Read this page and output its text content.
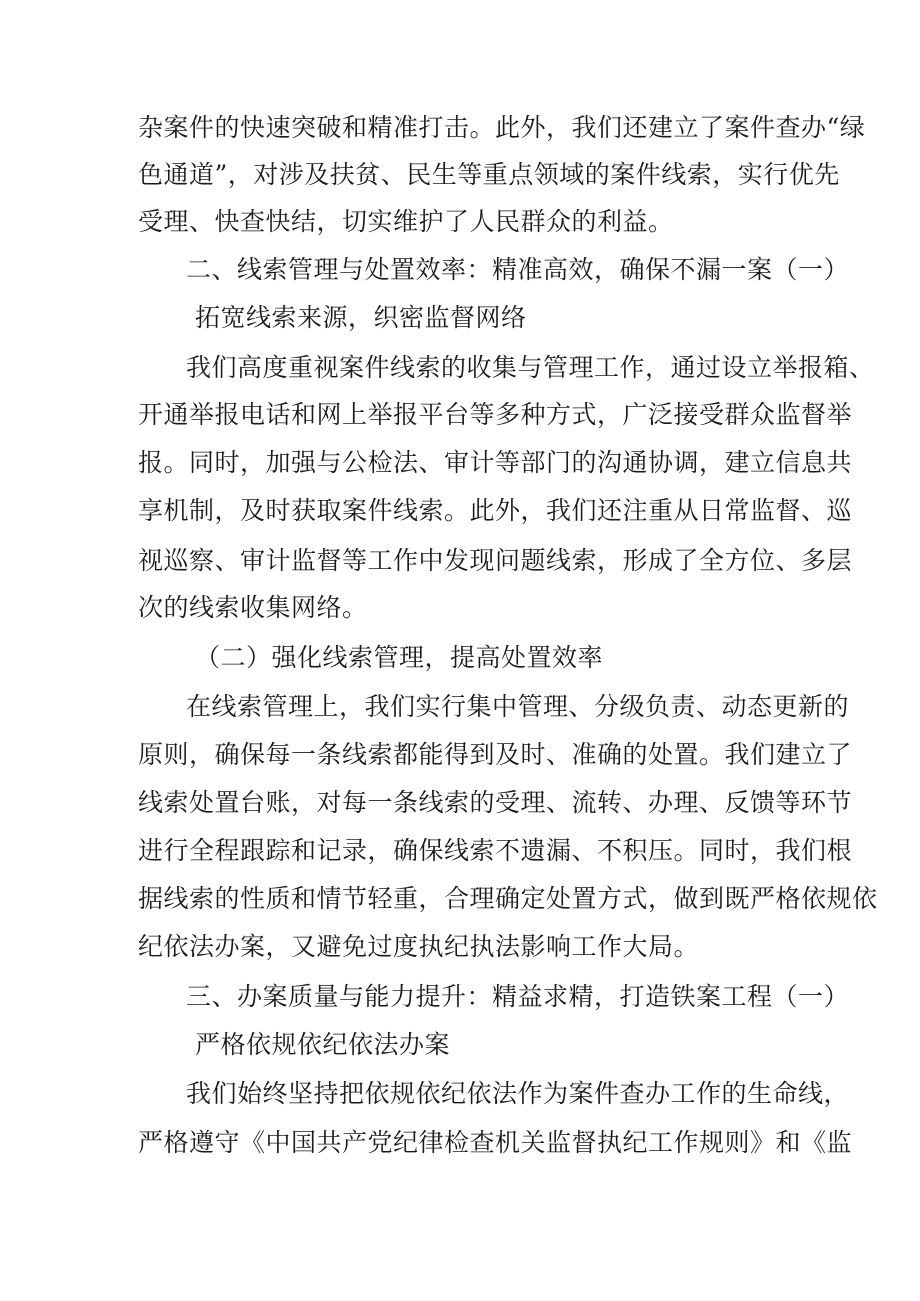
杂案件的快速突破和精准打击。此外，我们还建立了案件查办“绿
色通道”，对涉及扶贫、民生等重点领域的案件线索，实行优先
受理、快查快结，切实维护了人民群众的利益。
二、线索管理与处置效率：精准高效，确保不漏一案（一）
拓宽线索来源，织密监督网络
我们高度重视案件线索的收集与管理工作，通过设立举报箱、
开通举报电话和网上举报平台等多种方式，广泛接受群众监督举
报。同时，加强与公检法、审计等部门的沟通协调，建立信息共
享机制，及时获取案件线索。此外，我们还注重从日常监督、巡
视巡察、审计监督等工作中发现问题线索，形成了全方位、多层
次的线索收集网络。
（二）强化线索管理，提高处置效率
在线索管理上，我们实行集中管理、分级负责、动态更新的
原则，确保每一条线索都能得到及时、准确的处置。我们建立了
线索处置台账，对每一条线索的受理、流转、办理、反馈等环节
进行全程跟踪和记录，确保线索不遗漏、不积压。同时，我们根
据线索的性质和情节轻重，合理确定处置方式，做到既严格依规依
纪依法办案，又避免过度执纪执法影响工作大局。
三、办案质量与能力提升：精益求精，打造铁案工程（一）
严格依规依纪依法办案
我们始终坚持把依规依纪依法作为案件查办工作的生命线，
严格遵守《中国共产党纪律检查机关监督执纪工作规则》和《监
